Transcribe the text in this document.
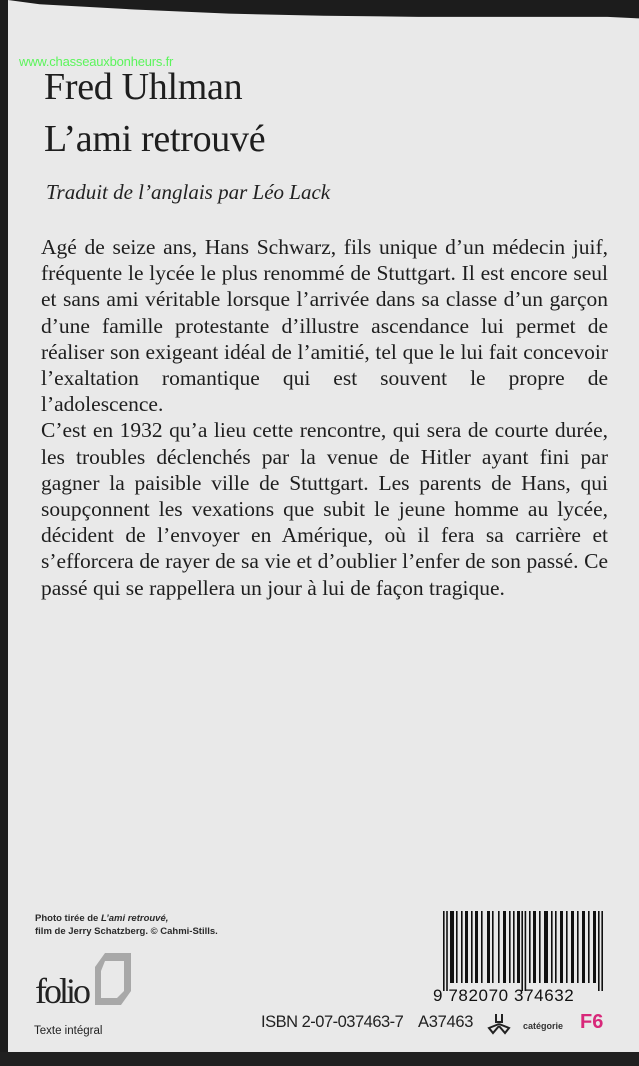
www.chasseauxbonheurs.fr
Fred Uhlman
L’ami retrouvé
Traduit de l’anglais par Léo Lack

Agé de seize ans, Hans Schwarz, fils unique d’un médecin juif, fréquente le lycée le plus renommé de Stuttgart. Il est encore seul et sans ami véritable lorsque l’arrivée dans sa classe d’un garçon d’une famille protestante d’illustre ascendance lui permet de réaliser son exigeant idéal de l’amitié, tel que le lui fait concevoir l’exaltation romantique qui est souvent le propre de l’adolescence.

C’est en 1932 qu’a lieu cette rencontre, qui sera de courte durée, les troubles déclenchés par la venue de Hitler ayant fini par gagner la paisible ville de Stuttgart. Les parents de Hans, qui soupçonnent les vexations que subit le jeune homme au lycée, décident de l’envoyer en Amérique, où il fera sa carrière et s’efforcera de rayer de sa vie et d’oublier l’enfer de son passé. Ce passé qui se rappellera un jour à lui de façon tragique.

Photo tirée de L’ami retrouvé,
film de Jerry Schatzberg. © Cahmi-Stills.
folio
Texte intégral
9 782070 374632
ISBN 2-07-037463-7 A37463	catégorie F6
